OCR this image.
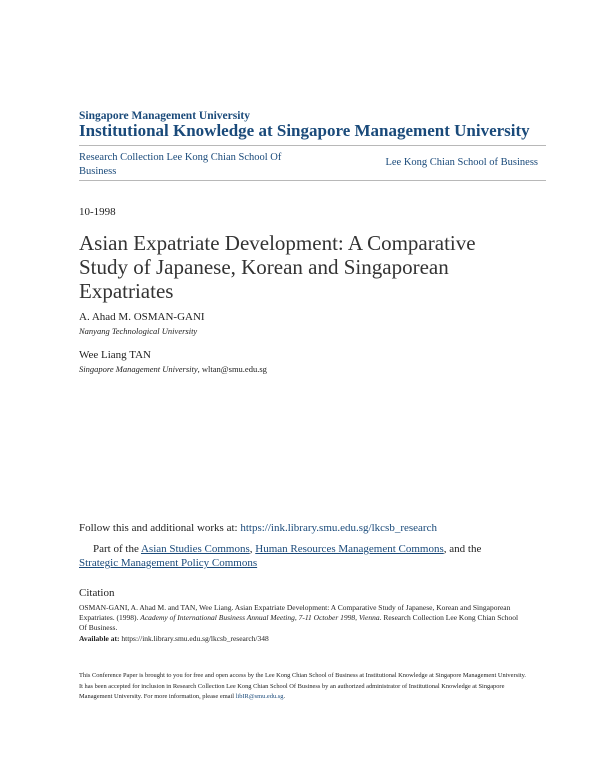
Singapore Management University
Institutional Knowledge at Singapore Management University
Research Collection Lee Kong Chian School Of Business
Lee Kong Chian School of Business
10-1998
Asian Expatriate Development: A Comparative Study of Japanese, Korean and Singaporean Expatriates
A. Ahad M. OSMAN-GANI
Nanyang Technological University
Wee Liang TAN
Singapore Management University, wltan@smu.edu.sg
Follow this and additional works at: https://ink.library.smu.edu.sg/lkcsb_research
Part of the Asian Studies Commons, Human Resources Management Commons, and the Strategic Management Policy Commons
Citation
OSMAN-GANI, A. Ahad M. and TAN, Wee Liang. Asian Expatriate Development: A Comparative Study of Japanese, Korean and Singaporean Expatriates. (1998). Academy of International Business Annual Meeting, 7-11 October 1998, Vienna. Research Collection Lee Kong Chian School Of Business.
Available at: https://ink.library.smu.edu.sg/lkcsb_research/348
This Conference Paper is brought to you for free and open access by the Lee Kong Chian School of Business at Institutional Knowledge at Singapore Management University. It has been accepted for inclusion in Research Collection Lee Kong Chian School Of Business by an authorized administrator of Institutional Knowledge at Singapore Management University. For more information, please email libIR@smu.edu.sg.
